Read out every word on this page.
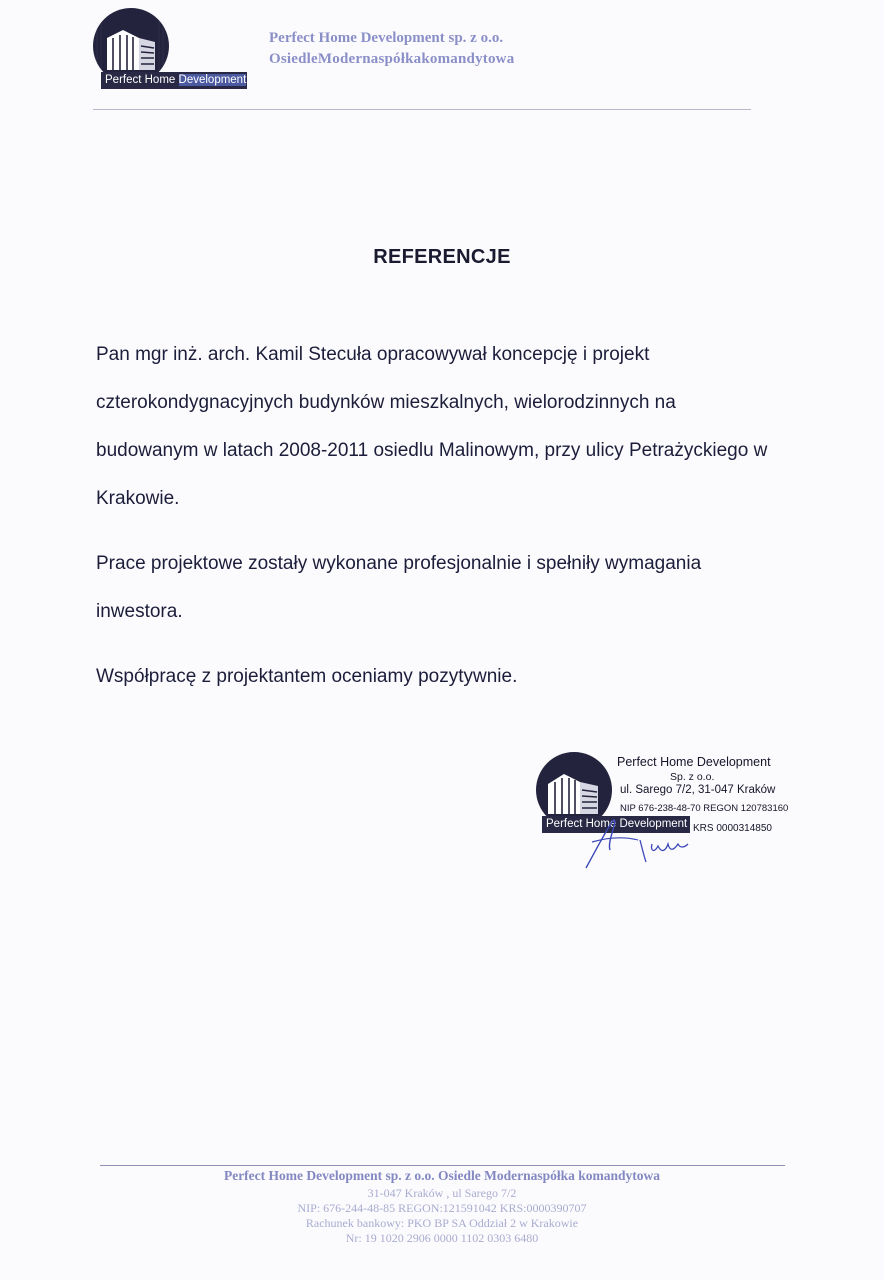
Perfect Home Development
Perfect Home Development sp. z o.o.
OsiedleModernaspółkakomandytowa
REFERENCJE
Pan mgr inż. arch. Kamil Stecuła opracowywał koncepcję i projekt czterokondygnacyjnych budynków mieszkalnych, wielorodzinnych na budowanym w latach 2008-2011 osiedlu Malinowym, przy ulicy Petrażyckiego w Krakowie.
Prace projektowe zostały wykonane profesjonalnie i spełniły wymagania inwestora.
Współpracę z projektantem oceniamy pozytywnie.
Perfect Home Development
Perfect Home Development
Sp. z o.o.
ul. Sarego 7/2, 31-047 Kraków
NIP 676-238-48-70 REGON 120783160
KRS 0000314850
Perfect Home Development sp. z o.o. Osiedle Modernaspółka komandytowa
31-047 Kraków , ul Sarego 7/2
NIP: 676-244-48-85 REGON:121591042 KRS:0000390707
Rachunek bankowy: PKO BP SA Oddział 2 w Krakowie
Nr: 19 1020 2906 0000 1102 0303 6480
